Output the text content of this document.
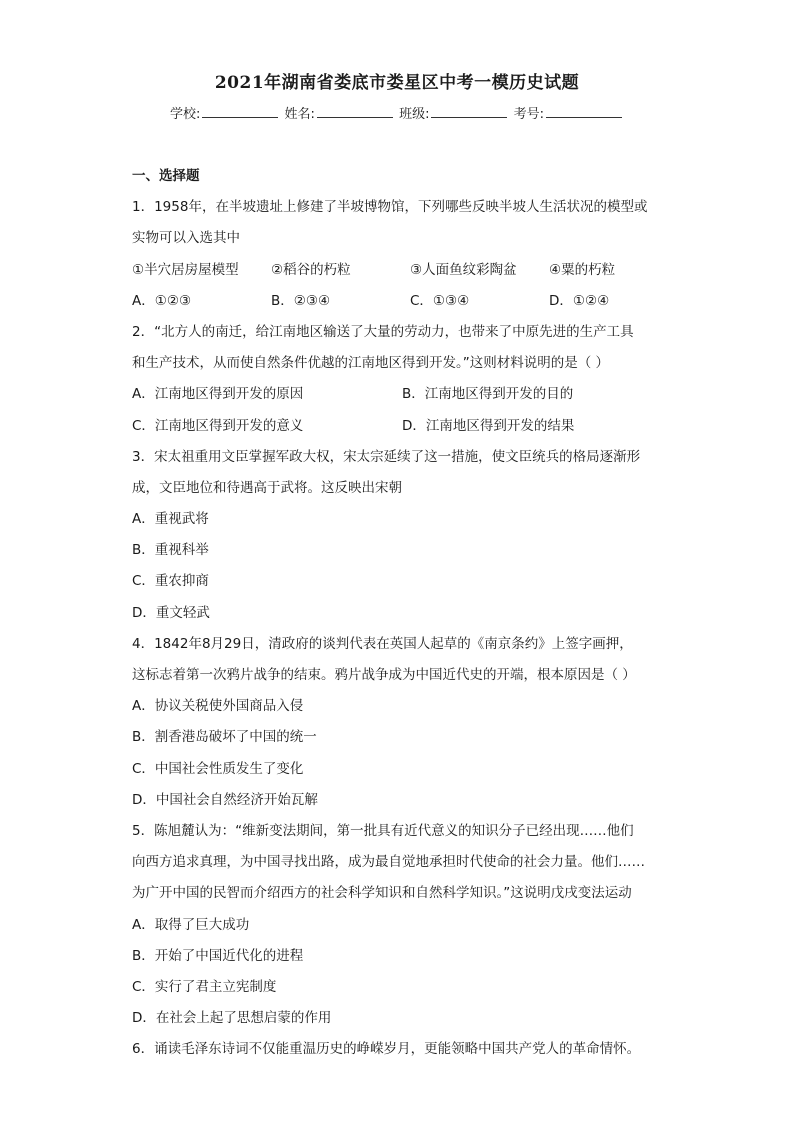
2021年湖南省娄底市娄星区中考一模历史试题
学校:	姓名:	班级:	考号:
一、选择题
1．1958年，在半坡遗址上修建了半坡博物馆，下列哪些反映半坡人生活状况的模型或
实物可以入选其中
①半穴居房屋模型	②稻谷的朽粒	③人面鱼纹彩陶盆	④粟的朽粒
A．①②③	B．②③④	C．①③④	D．①②④
2．“北方人的南迁，给江南地区输送了大量的劳动力，也带来了中原先进的生产工具
和生产技术，从而使自然条件优越的江南地区得到开发。”这则材料说明的是（ ）
A．江南地区得到开发的原因	B．江南地区得到开发的目的
C．江南地区得到开发的意义	D．江南地区得到开发的结果
3．宋太祖重用文臣掌握军政大权，宋太宗延续了这一措施，使文臣统兵的格局逐渐形
成，文臣地位和待遇高于武将。这反映出宋朝
A．重视武将
B．重视科举
C．重农抑商
D．重文轻武
4．1842年8月29日，清政府的谈判代表在英国人起草的《南京条约》上签字画押，
这标志着第一次鸦片战争的结束。鸦片战争成为中国近代史的开端，根本原因是（ ）
A．协议关税使外国商品入侵
B．割香港岛破坏了中国的统一
C．中国社会性质发生了变化
D．中国社会自然经济开始瓦解
5．陈旭麓认为：“维新变法期间，第一批具有近代意义的知识分子已经出现……他们
向西方追求真理，为中国寻找出路，成为最自觉地承担时代使命的社会力量。他们……
为广开中国的民智而介绍西方的社会科学知识和自然科学知识。”这说明戊戌变法运动
A．取得了巨大成功
B．开始了中国近代化的进程
C．实行了君主立宪制度
D．在社会上起了思想启蒙的作用
6．诵读毛泽东诗词不仅能重温历史的峥嵘岁月，更能领略中国共产党人的革命情怀。
